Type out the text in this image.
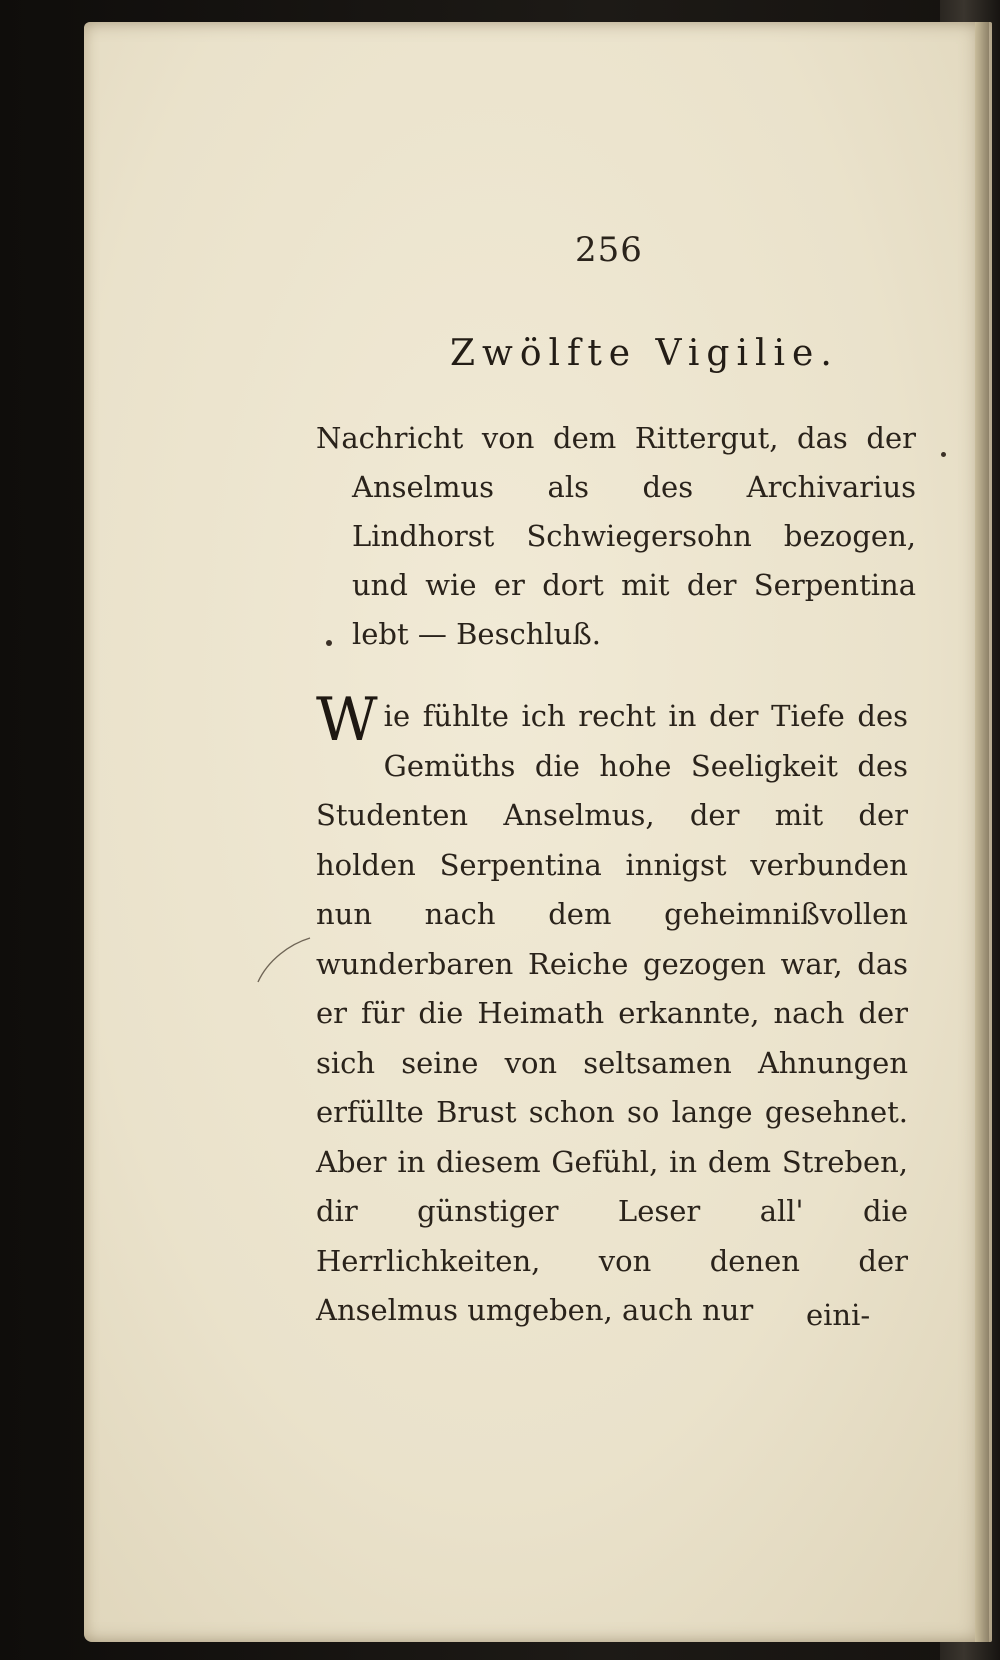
256
Zwölfte Vigilie.

Nachricht von dem Rittergut, das der Anselmus als des Archivarius Lindhorst Schwiegersohn bezogen, und wie er dort mit der Serpentina lebt — Beschluß.

Wie fühlte ich recht in der Tiefe des Gemüths die hohe Seeligkeit des Studenten Anselmus, der mit der holden Serpentina innigst verbunden nun nach dem geheimnißvollen wunderbaren Reiche gezogen war, das er für die Heimath erkannte, nach der sich seine von seltsamen Ahnungen erfüllte Brust schon so lange gesehnet. Aber in diesem Gefühl, in dem Streben, dir günstiger Leser all' die Herrlichkeiten, von denen der Anselmus umgeben, auch nur	eini-
